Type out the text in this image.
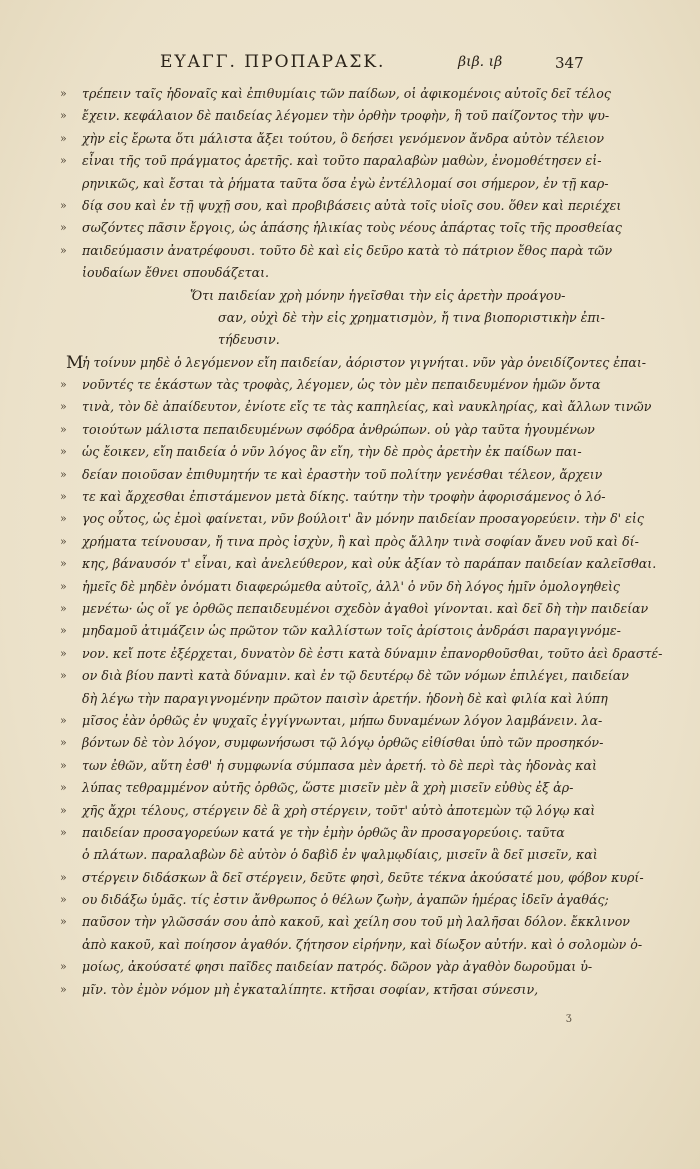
ΕΥΑΓΓ. ΠΡΟΠΑΡΑΣΚ.	βιβ. ιβ	347
»	τρέπειν ταῖς ἡδοναῖς καὶ ἐπιθυμίαις τῶν παίδων, οἱ ἀφικομένοις αὐτοῖς δεῖ τέλος
»	ἔχειν. κεφάλαιον δὲ παιδείας λέγομεν τὴν ὀρθὴν τροφὴν, ἣ τοῦ παίζοντος τὴν ψυ-
»	χὴν εἰς ἔρωτα ὅτι μάλιστα ἄξει τούτου, ὃ δεήσει γενόμενον ἄνδρα αὐτὸν τέλειον
»	εἶναι τῆς τοῦ πράγματος ἀρετῆς. καὶ τοῦτο παραλαβὼν μαθὼν, ἐνομοθέτησεν εἰ-
ρηνικῶς, καὶ ἔσται τὰ ῥήματα ταῦτα ὅσα ἐγὼ ἐντέλλομαί σοι σήμερον, ἐν τῇ καρ-
»	δίᾳ σου καὶ ἐν τῇ ψυχῇ σου, καὶ προβιβάσεις αὐτὰ τοῖς υἱοῖς σου. ὅθεν καὶ περιέχει
»	σωζόντες πᾶσιν ἔργοις, ὡς ἁπάσης ἡλικίας τοὺς νέους ἀπάρτας τοῖς τῆς προσθείας
»	παιδεύμασιν ἀνατρέφουσι. τοῦτο δὲ καὶ εἰς δεῦρο κατὰ τὸ πάτριον ἔθος παρὰ τῶν
ἰουδαίων ἔθνει σπουδάζεται.
Ὅτι παιδείαν χρὴ μόνην ἡγεῖσθαι τὴν εἰς ἀρετὴν προάγου-
σαν, οὐχὶ δὲ τὴν εἰς χρηματισμὸν, ἤ τινα βιοποριστικὴν ἐπι-
τήδευσιν.
Μ
ἡ τοίνυν μηδὲ ὁ λεγόμενον εἴη παιδείαν, ἀόριστον γιγνήται. νῦν γὰρ ὀνειδίζοντες ἐπαι-
»	νοῦντές τε ἑκάστων τὰς τροφὰς, λέγομεν, ὡς τὸν μὲν πεπαιδευμένον ἡμῶν ὄντα
»	τινὰ, τὸν δὲ ἀπαίδευτον, ἐνίοτε εἴς τε τὰς καπηλείας, καὶ ναυκληρίας, καὶ ἄλλων τινῶν
»	τοιούτων μάλιστα πεπαιδευμένων σφόδρα ἀνθρώπων. οὐ γὰρ ταῦτα ἡγουμένων
»	ὡς ἔοικεν, εἴη παιδεία ὁ νῦν λόγος ἂν εἴη, τὴν δὲ πρὸς ἀρετὴν ἐκ παίδων παι-
»	δείαν ποιοῦσαν ἐπιθυμητήν τε καὶ ἐραστὴν τοῦ πολίτην γενέσθαι τέλεον, ἄρχειν
»	τε καὶ ἄρχεσθαι ἐπιστάμενον μετὰ δίκης. ταύτην τὴν τροφὴν ἀφορισάμενος ὁ λό-
»	γος οὗτος, ὡς ἐμοὶ φαίνεται, νῦν βούλοιτ' ἂν μόνην παιδείαν προσαγορεύειν. τὴν δ' εἰς
»	χρήματα τείνουσαν, ἤ τινα πρὸς ἰσχὺν, ἢ καὶ πρὸς ἄλλην τινὰ σοφίαν ἄνευ νοῦ καὶ δί-
»	κης, βάναυσόν τ' εἶναι, καὶ ἀνελεύθερον, καὶ οὐκ ἀξίαν τὸ παράπαν παιδείαν καλεῖσθαι.
»	ἡμεῖς δὲ μηδὲν ὀνόματι διαφερώμεθα αὐτοῖς, ἀλλ' ὁ νῦν δὴ λόγος ἡμῖν ὁμολογηθεὶς
»	μενέτω· ὡς οἵ γε ὀρθῶς πεπαιδευμένοι σχεδὸν ἀγαθοὶ γίνονται. καὶ δεῖ δὴ τὴν παιδείαν
»	μηδαμοῦ ἀτιμάζειν ὡς πρῶτον τῶν καλλίστων τοῖς ἀρίστοις ἀνδράσι παραγιγνόμε-
»	νον. κεἴ ποτε ἐξέρχεται, δυνατὸν δὲ ἐστι κατὰ δύναμιν ἐπανορθοῦσθαι, τοῦτο ἀεὶ δραστέ-
»	ον διὰ βίου παντὶ κατὰ δύναμιν. καὶ ἐν τῷ δευτέρῳ δὲ τῶν νόμων ἐπιλέγει, παιδείαν
δὴ λέγω τὴν παραγιγνομένην πρῶτον παισὶν ἀρετήν. ἡδονὴ δὲ καὶ φιλία καὶ λύπη
»	μῖσος ἐὰν ὀρθῶς ἐν ψυχαῖς ἐγγίγνωνται, μήπω δυναμένων λόγον λαμβάνειν. λα-
»	βόντων δὲ τὸν λόγον, συμφωνήσωσι τῷ λόγῳ ὀρθῶς εἰθίσθαι ὑπὸ τῶν προσηκόν-
»	των ἐθῶν, αὕτη ἐσθ' ἡ συμφωνία σύμπασα μὲν ἀρετή. τὸ δὲ περὶ τὰς ἡδονὰς καὶ
»	λύπας τεθραμμένον αὐτῆς ὀρθῶς, ὥστε μισεῖν μὲν ἃ χρὴ μισεῖν εὐθὺς ἐξ ἀρ-
»	χῆς ἄχρι τέλους, στέργειν δὲ ἃ χρὴ στέργειν, τοῦτ' αὐτὸ ἀποτεμὼν τῷ λόγῳ καὶ
»	παιδείαν προσαγορεύων κατά γε τὴν ἐμὴν ὀρθῶς ἂν προσαγορεύοις. ταῦτα
ὁ πλάτων. παραλαβὼν δὲ αὐτὸν ὁ δαβὶδ ἐν ψαλμῳδίαις, μισεῖν ἃ δεῖ μισεῖν, καὶ
»	στέργειν διδάσκων ἃ δεῖ στέργειν, δεῦτε φησὶ, δεῦτε τέκνα ἀκούσατέ μου, φόβον κυρί-
»	ου διδάξω ὑμᾶς. τίς ἐστιν ἄνθρωπος ὁ θέλων ζωὴν, ἀγαπῶν ἡμέρας ἰδεῖν ἀγαθάς;
»	παῦσον τὴν γλῶσσάν σου ἀπὸ κακοῦ, καὶ χείλη σου τοῦ μὴ λαλῆσαι δόλον. ἔκκλινον
ἀπὸ κακοῦ, καὶ ποίησον ἀγαθόν. ζήτησον εἰρήνην, καὶ δίωξον αὐτήν. καὶ ὁ σολομὼν ὁ-
»	μοίως, ἀκούσατέ φησι παῖδες παιδείαν πατρός. δῶρον γὰρ ἀγαθὸν δωροῦμαι ὑ-
»	μῖν. τὸν ἐμὸν νόμον μὴ ἐγκαταλίπητε. κτῆσαι σοφίαν, κτῆσαι σύνεσιν,
ʒ
